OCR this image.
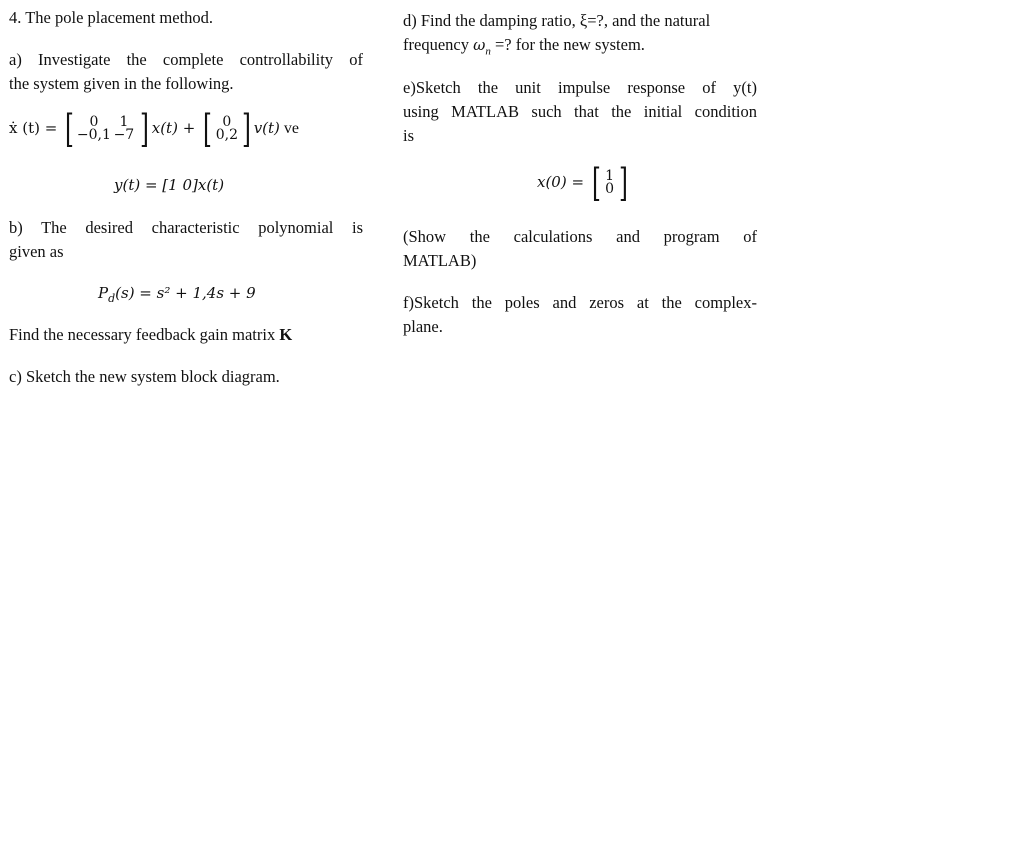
4. The pole placement method.
a) Investigate the complete controllability of
the system given in the following.
ẋ (t) = [	0 1
−0,1 −7 ] x(t) + [ 0
0,2 ] v(t) ve
y(t) = [1 0]x(t)
b) The desired characteristic polynomial is
given as
$P_d(s) = s^2 + 1,4s + 9$
Find the necessary feedback gain matrix K
c) Sketch the new system block diagram.
d) Find the damping ratio, ξ=?, and the natural
frequency $\omega_n$ =? for the new system.
e)Sketch the unit impulse response of y(t)
using MATLAB such that the initial condition
is
x(0) = [ 1
0 ]
(Show the calculations and program of
MATLAB)
f)Sketch the poles and zeros at the complex-
plane.
